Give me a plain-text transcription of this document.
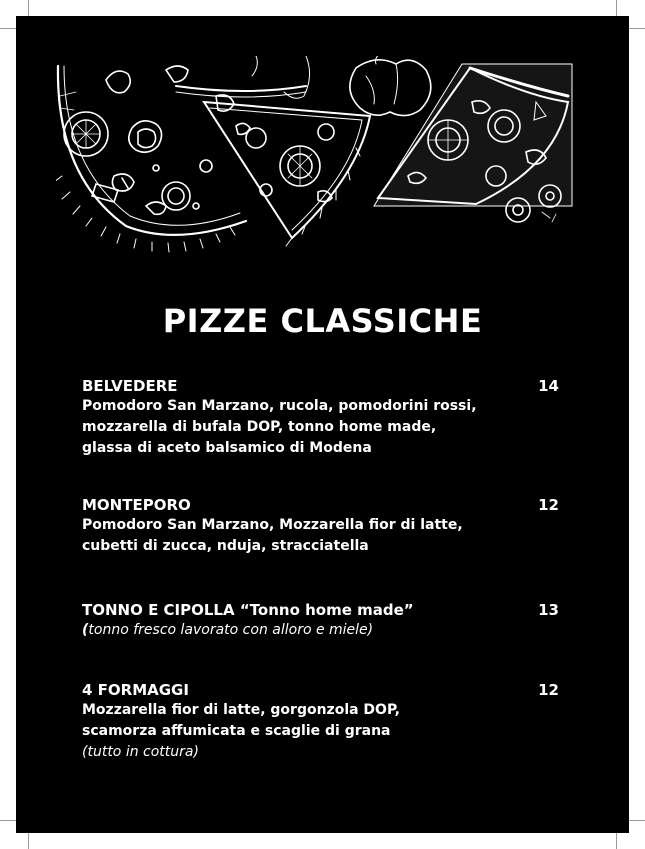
PIZZE CLASSICHE
BELVEDERE
Pomodoro San Marzano, rucola, pomodorini rossi,
mozzarella di bufala DOP, tonno home made,
glassa di aceto balsamico di Modena
14
MONTEPORO
Pomodoro San Marzano, Mozzarella fior di latte,
cubetti di zucca, nduja, stracciatella
12
TONNO E CIPOLLA “Tonno home made”
(tonno fresco lavorato con alloro e miele)
13
4 FORMAGGI
Mozzarella fior di latte, gorgonzola DOP,
scamorza affumicata e scaglie di grana
(tutto in cottura)
12
